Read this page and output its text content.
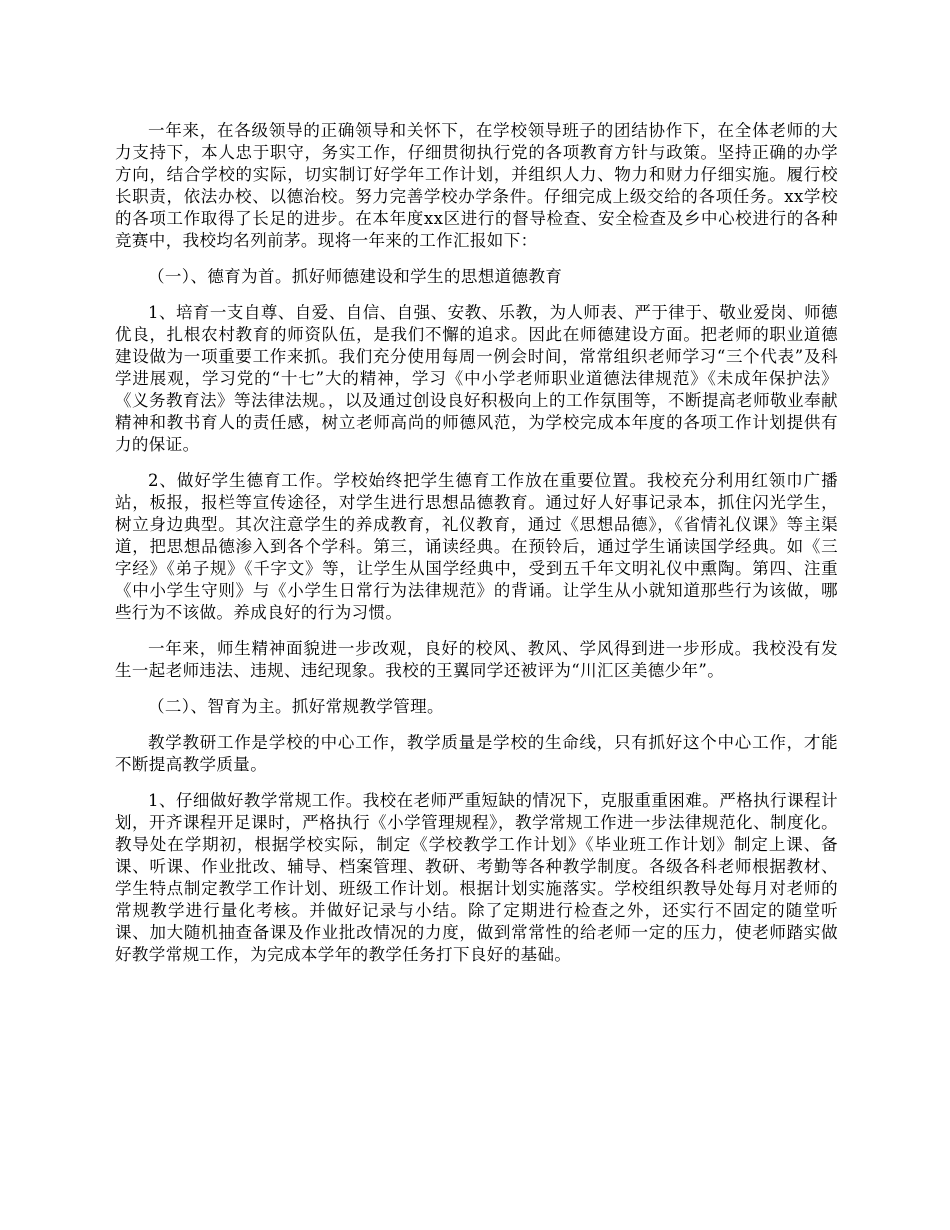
一年来，在各级领导的正确领导和关怀下，在学校领导班子的团结协作下，在全体老师的大力支持下，本人忠于职守，务实工作，仔细贯彻执行党的各项教育方针与政策。坚持正确的办学方向，结合学校的实际，切实制订好学年工作计划，并组织人力、物力和财力仔细实施。履行校长职责，依法办校、以德治校。努力完善学校办学条件。仔细完成上级交给的各项任务。xx学校的各项工作取得了长足的进步。在本年度xx区进行的督导检查、安全检查及乡中心校进行的各种竞赛中，我校均名列前茅。现将一年来的工作汇报如下：

（一）、德育为首。抓好师德建设和学生的思想道德教育

1、培育一支自尊、自爱、自信、自强、安教、乐教，为人师表、严于律于、敬业爱岗、师德优良，扎根农村教育的师资队伍，是我们不懈的追求。因此在师德建设方面。把老师的职业道德建设做为一项重要工作来抓。我们充分使用每周一例会时间，常常组织老师学习“三个代表”及科学进展观，学习党的“十七”大的精神，学习《中小学老师职业道德法律规范》《未成年保护法》《义务教育法》等法律法规。，以及通过创设良好积极向上的工作氛围等，不断提高老师敬业奉献精神和教书育人的责任感，树立老师高尚的师德风范，为学校完成本年度的各项工作计划提供有力的保证。

2、做好学生德育工作。学校始终把学生德育工作放在重要位置。我校充分利用红领巾广播站，板报，报栏等宣传途径，对学生进行思想品德教育。通过好人好事记录本，抓住闪光学生，树立身边典型。其次注意学生的养成教育，礼仪教育，通过《思想品德》，《省情礼仪课》等主渠道，把思想品德渗入到各个学科。第三，诵读经典。在预铃后，通过学生诵读国学经典。如《三字经》《弟子规》《千字文》等，让学生从国学经典中，受到五千年文明礼仪中熏陶。第四、注重《中小学生守则》与《小学生日常行为法律规范》的背诵。让学生从小就知道那些行为该做，哪些行为不该做。养成良好的行为习惯。

一年来，师生精神面貌进一步改观，良好的校风、教风、学风得到进一步形成。我校没有发生一起老师违法、违规、违纪现象。我校的王翼同学还被评为“川汇区美德少年”。

（二）、智育为主。抓好常规教学管理。

教学教研工作是学校的中心工作，教学质量是学校的生命线，只有抓好这个中心工作，才能不断提高教学质量。

1、仔细做好教学常规工作。我校在老师严重短缺的情况下，克服重重困难。严格执行课程计划，开齐课程开足课时，严格执行《小学管理规程》，教学常规工作进一步法律规范化、制度化。教导处在学期初，根据学校实际，制定《学校教学工作计划》《毕业班工作计划》制定上课、备课、听课、作业批改、辅导、档案管理、教研、考勤等各种教学制度。各级各科老师根据教材、学生特点制定教学工作计划、班级工作计划。根据计划实施落实。学校组织教导处每月对老师的常规教学进行量化考核。并做好记录与小结。除了定期进行检查之外，还实行不固定的随堂听课、加大随机抽查备课及作业批改情况的力度，做到常常性的给老师一定的压力，使老师踏实做好教学常规工作，为完成本学年的教学任务打下良好的基础。
